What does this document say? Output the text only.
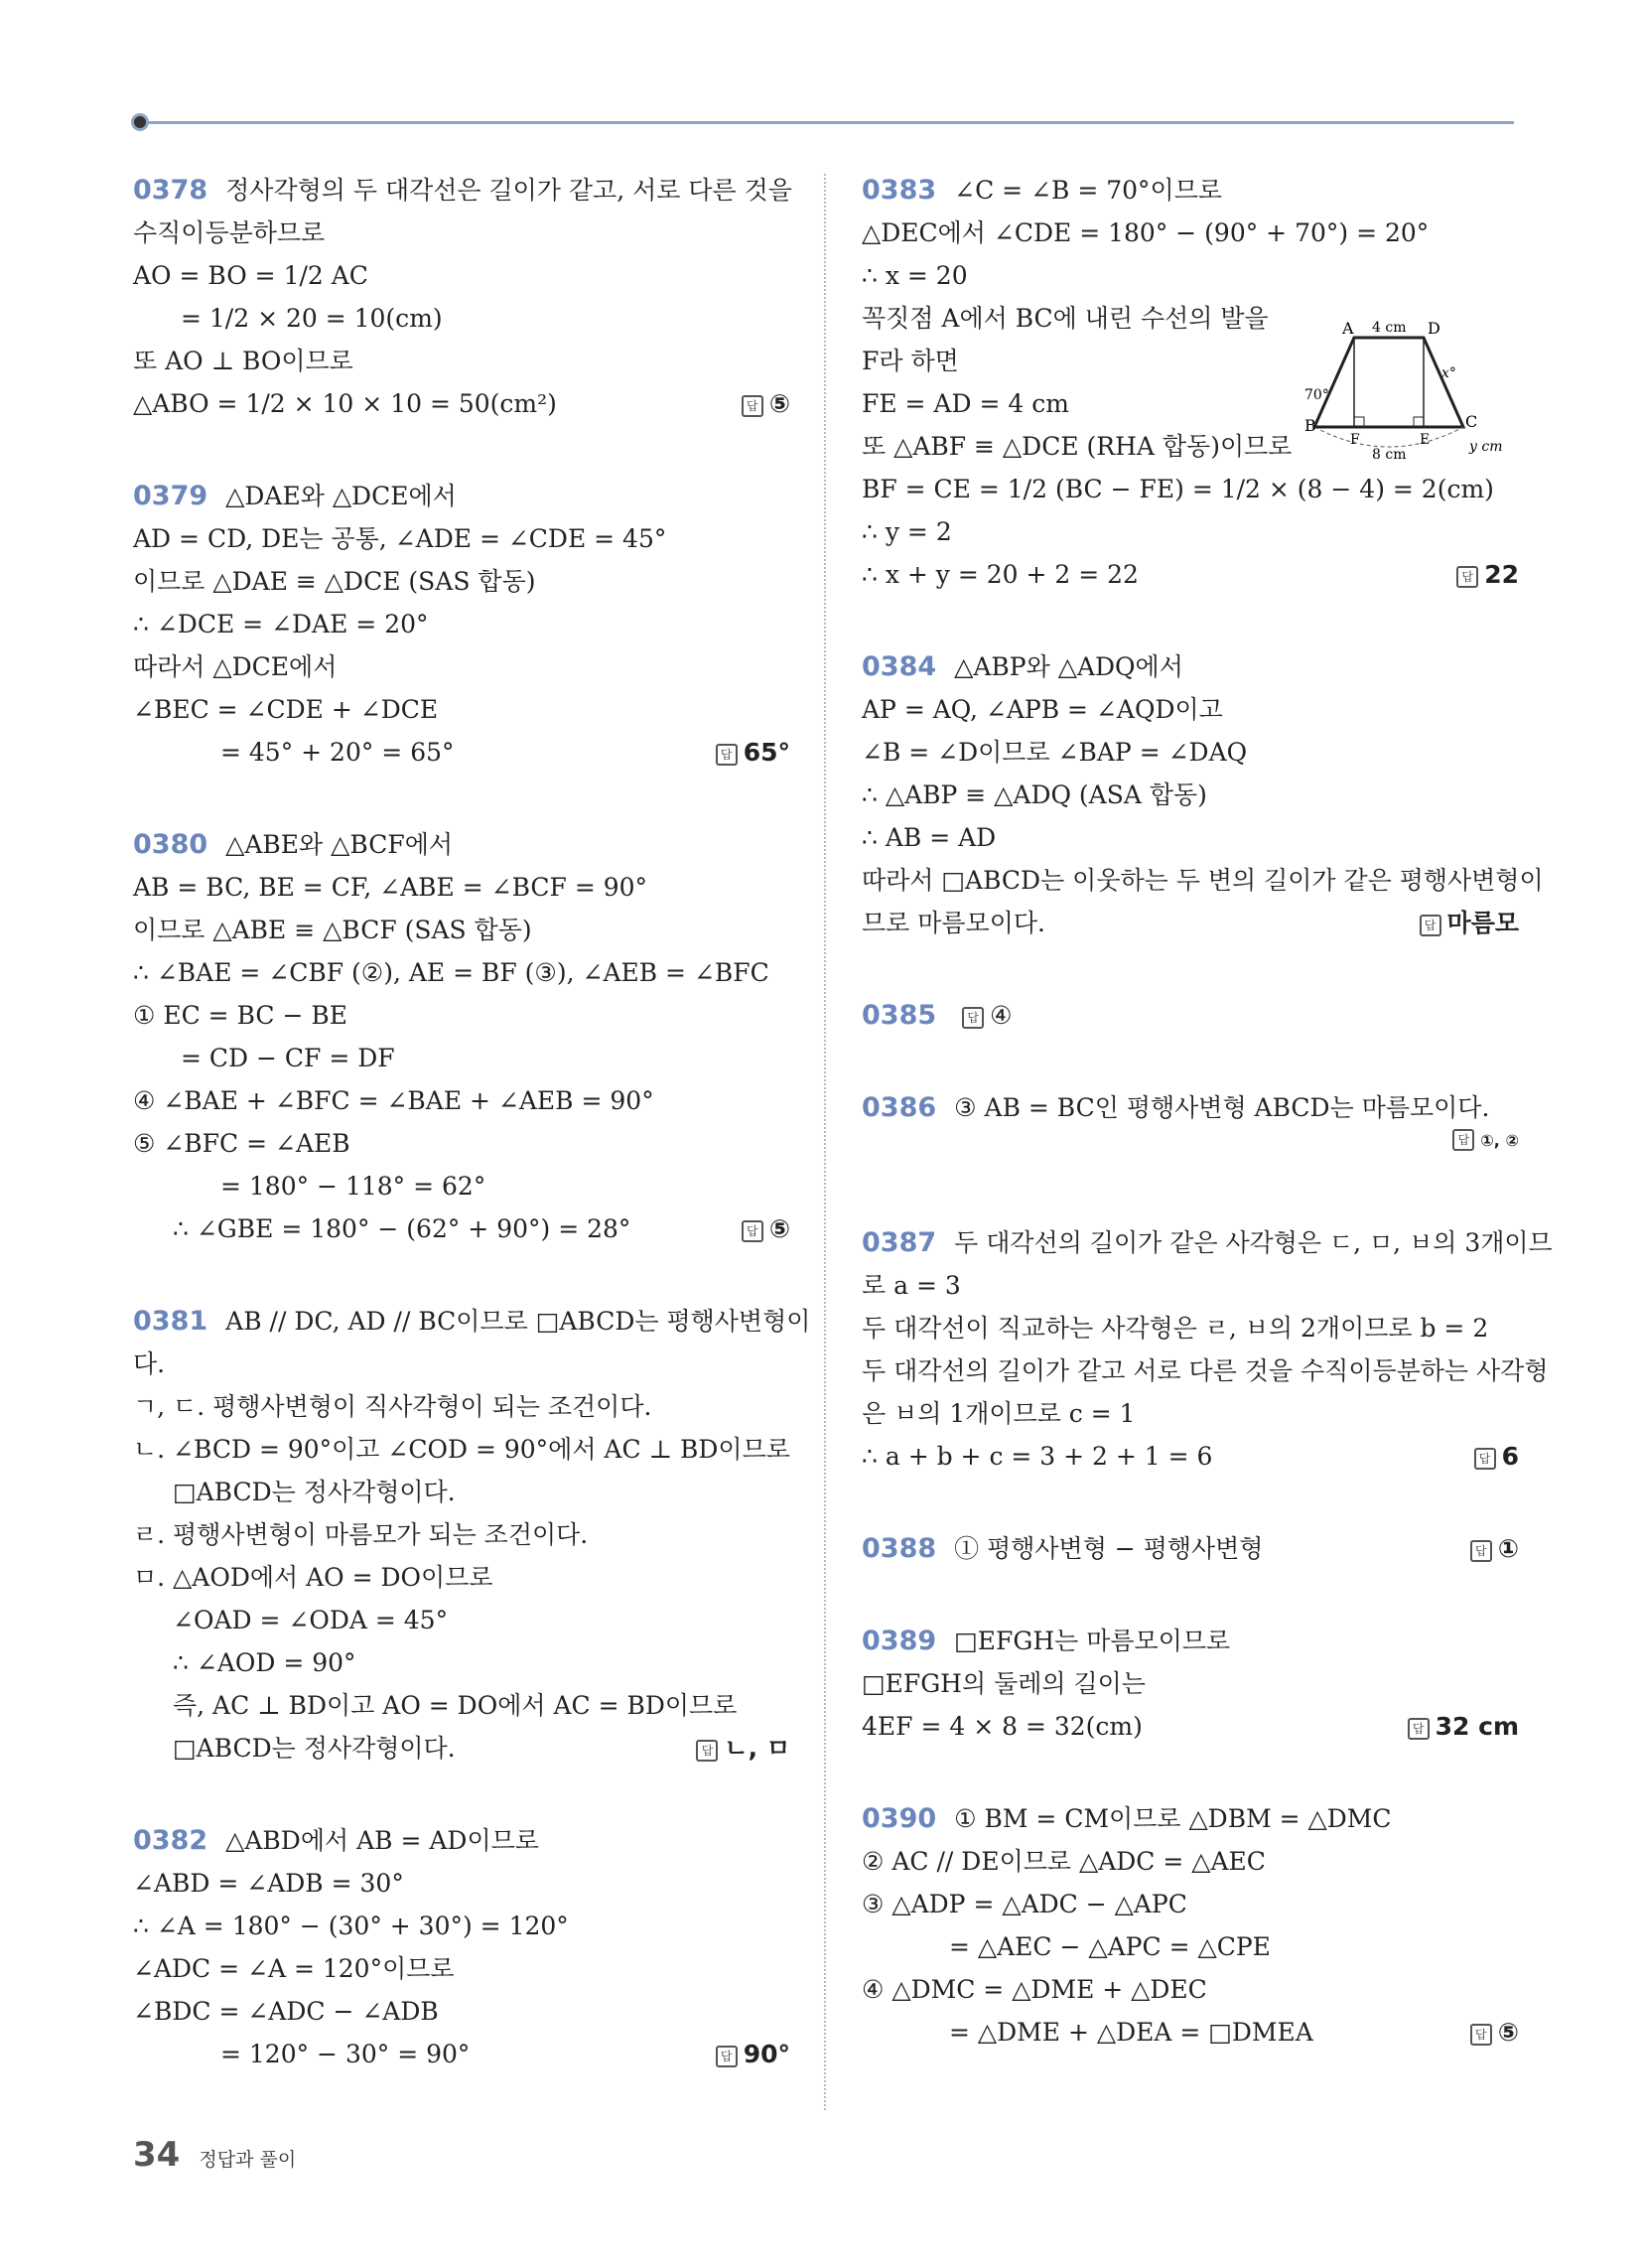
0378 정사각형의 두 대각선은 길이가 같고, 서로 다른 것을
수직이등분하므로
AO = BO = 1/2 AC
= 1/2 × 20 = 10(cm)
또 AO ⊥ BO이므로
△ABO = 1/2 × 10 × 10 = 50(cm²)	답 ⑤
0379 △DAE와 △DCE에서
AD = CD, DE는 공통, ∠ADE = ∠CDE = 45°
이므로 △DAE ≡ △DCE (SAS 합동)
∴ ∠DCE = ∠DAE = 20°
따라서 △DCE에서
∠BEC = ∠CDE + ∠DCE
= 45° + 20° = 65°	답 65°
0380 △ABE와 △BCF에서
AB = BC, BE = CF, ∠ABE = ∠BCF = 90°
이므로 △ABE ≡ △BCF (SAS 합동)
∴ ∠BAE = ∠CBF (②), AE = BF (③), ∠AEB = ∠BFC
① EC = BC − BE
= CD − CF = DF
④ ∠BAE + ∠BFC = ∠BAE + ∠AEB = 90°
⑤ ∠BFC = ∠AEB
= 180° − 118° = 62°
∴ ∠GBE = 180° − (62° + 90°) = 28°	답 ⑤
0381 AB // DC, AD // BC이므로 □ABCD는 평행사변형이
다.
ㄱ, ㄷ. 평행사변형이 직사각형이 되는 조건이다.
ㄴ. ∠BCD = 90°이고 ∠COD = 90°에서 AC ⊥ BD이므로
□ABCD는 정사각형이다.
ㄹ. 평행사변형이 마름모가 되는 조건이다.
ㅁ. △AOD에서 AO = DO이므로
∠OAD = ∠ODA = 45°
∴ ∠AOD = 90°
즉, AC ⊥ BD이고 AO = DO에서 AC = BD이므로
□ABCD는 정사각형이다.	답 ㄴ, ㅁ
0382 △ABD에서 AB = AD이므로
∠ABD = ∠ADB = 30°
∴ ∠A = 180° − (30° + 30°) = 120°
∠ADC = ∠A = 120°이므로
∠BDC = ∠ADC − ∠ADB
= 120° − 30° = 90°	답 90°
A	D
B	C
F	E
4 cm
8 cm
70°
x°
y cm
0383 ∠C = ∠B = 70°이므로
△DEC에서 ∠CDE = 180° − (90° + 70°) = 20°
∴ x = 20
꼭짓점 A에서 BC에 내린 수선의 발을
F라 하면
FE = AD = 4 cm
또 △ABF ≡ △DCE (RHA 합동)이므로
BF = CE = 1/2 (BC − FE) = 1/2 × (8 − 4) = 2(cm)
∴ y = 2
∴ x + y = 20 + 2 = 22	답 22
0384 △ABP와 △ADQ에서
AP = AQ, ∠APB = ∠AQD이고
∠B = ∠D이므로 ∠BAP = ∠DAQ
∴ △ABP ≡ △ADQ (ASA 합동)
∴ AB = AD
따라서 □ABCD는 이웃하는 두 변의 길이가 같은 평행사변형이
므로 마름모이다.	답 마름모
0385	답 ④
0386 ③ AB = BC인 평행사변형 ABCD는 마름모이다.
답 ①, ②
0387 두 대각선의 길이가 같은 사각형은 ㄷ, ㅁ, ㅂ의 3개이므
로 a = 3
두 대각선이 직교하는 사각형은 ㄹ, ㅂ의 2개이므로 b = 2
두 대각선의 길이가 같고 서로 다른 것을 수직이등분하는 사각형
은 ㅂ의 1개이므로 c = 1
∴ a + b + c = 3 + 2 + 1 = 6	답 6
0388 ① 평행사변형 − 평행사변형	답 ①
0389 □EFGH는 마름모이므로
□EFGH의 둘레의 길이는
4EF = 4 × 8 = 32(cm)	답 32 cm
0390 ① BM = CM이므로 △DBM = △DMC
② AC // DE이므로 △ADC = △AEC
③ △ADP = △ADC − △APC
= △AEC − △APC = △CPE
④ △DMC = △DME + △DEC
= △DME + △DEA = □DMEA	답 ⑤
34 정답과 풀이
